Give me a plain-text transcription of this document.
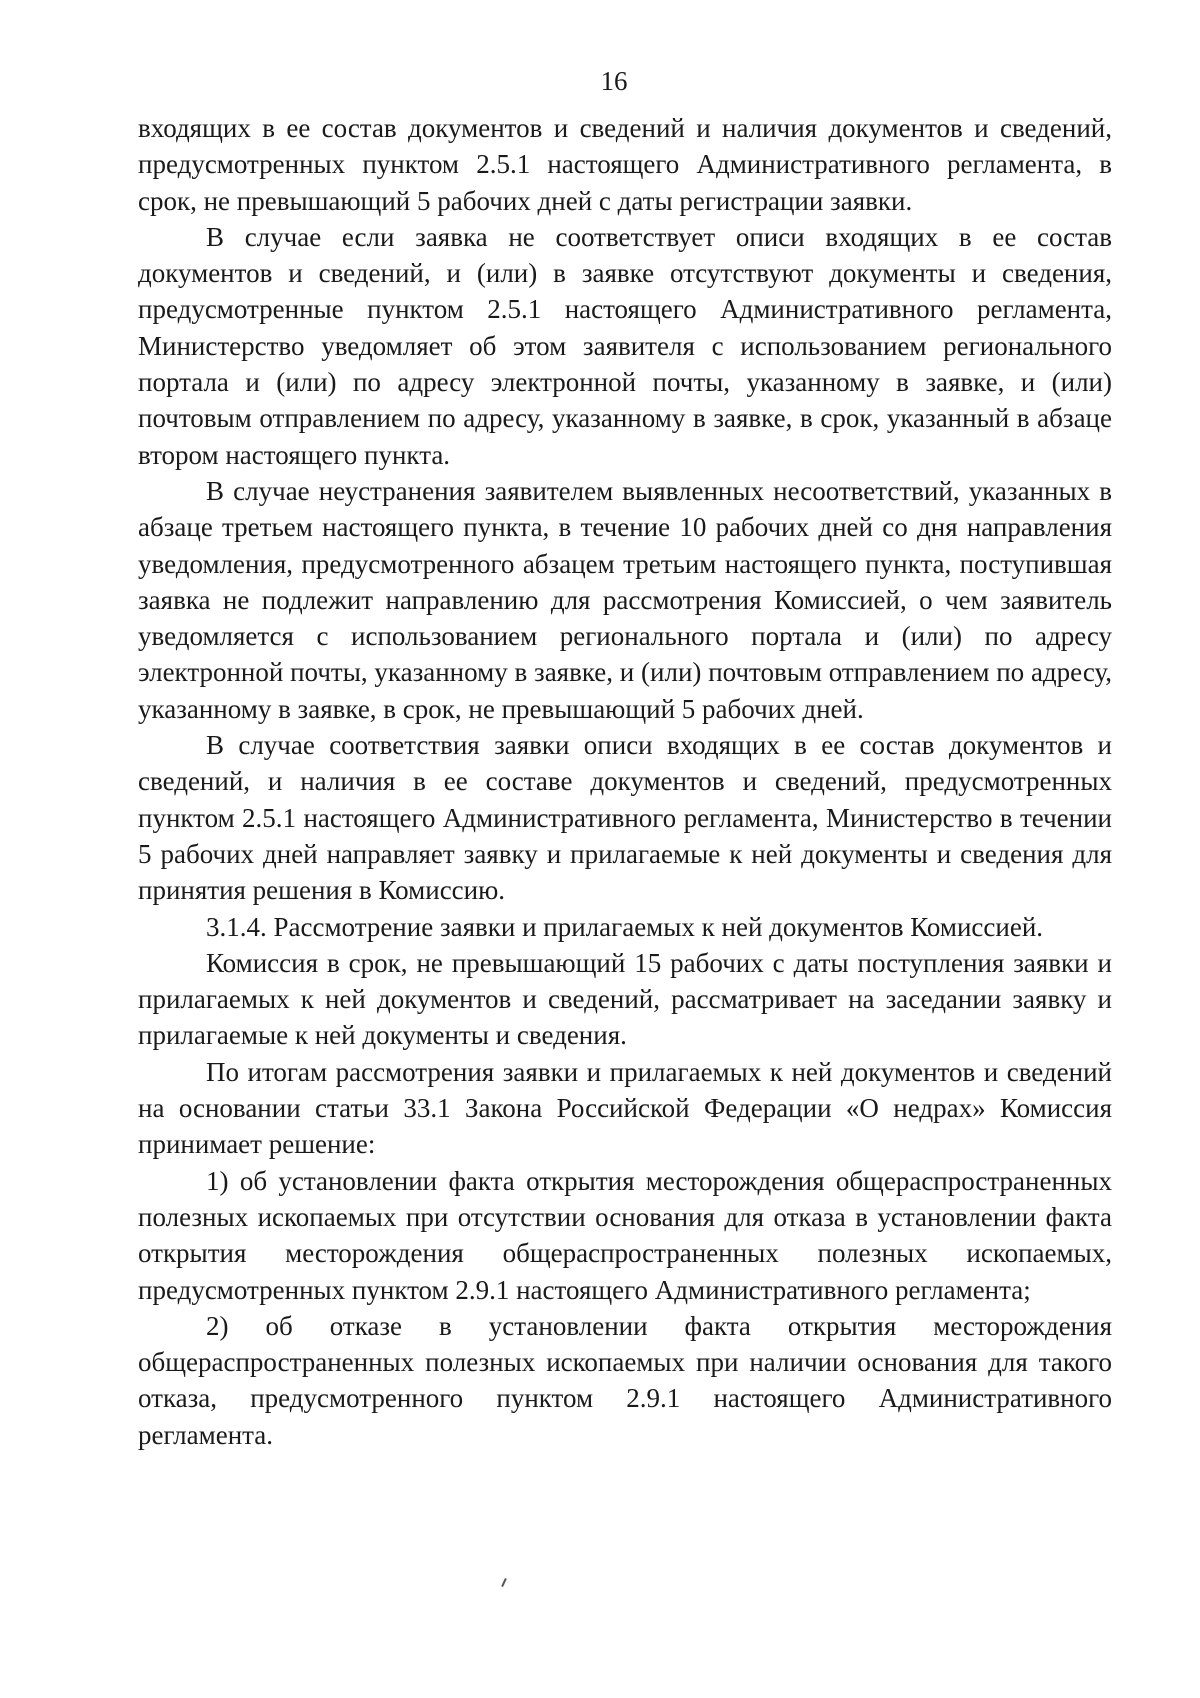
16

входящих в ее состав документов и сведений и наличия документов и сведений, предусмотренных пунктом 2.5.1 настоящего Административного регламента, в срок, не превышающий 5 рабочих дней с даты регистрации заявки.

В случае если заявка не соответствует описи входящих в ее состав документов и сведений, и (или) в заявке отсутствуют документы и сведения, предусмотренные пунктом 2.5.1 настоящего Административного регламента, Министерство уведомляет об этом заявителя с использованием регионального портала и (или) по адресу электронной почты, указанному в заявке, и (или) почтовым отправлением по адресу, указанному в заявке, в срок, указанный в абзаце втором настоящего пункта.

В случае неустранения заявителем выявленных несоответствий, указанных в абзаце третьем настоящего пункта, в течение 10 рабочих дней со дня направления уведомления, предусмотренного абзацем третьим настоящего пункта, поступившая заявка не подлежит направлению для рассмотрения Комиссией, о чем заявитель уведомляется с использованием регионального портала и (или) по адресу электронной почты, указанному в заявке, и (или) почтовым отправлением по адресу, указанному в заявке, в срок, не превышающий 5 рабочих дней.

В случае соответствия заявки описи входящих в ее состав документов и сведений, и наличия в ее составе документов и сведений, предусмотренных пунктом 2.5.1 настоящего Административного регламента, Министерство в течении 5 рабочих дней направляет заявку и прилагаемые к ней документы и сведения для принятия решения в Комиссию.

3.1.4. Рассмотрение заявки и прилагаемых к ней документов Комиссией.

Комиссия в срок, не превышающий 15 рабочих с даты поступления заявки и прилагаемых к ней документов и сведений, рассматривает на заседании заявку и прилагаемые к ней документы и сведения.

По итогам рассмотрения заявки и прилагаемых к ней документов и сведений на основании статьи 33.1 Закона Российской Федерации «О недрах» Комиссия принимает решение:

1) об установлении факта открытия месторождения общераспространенных полезных ископаемых при отсутствии основания для отказа в установлении факта открытия месторождения общераспространенных полезных ископаемых, предусмотренных пунктом 2.9.1 настоящего Административного регламента;

2) об отказе в установлении факта открытия месторождения общераспространенных полезных ископаемых при наличии основания для такого отказа, предусмотренного пунктом 2.9.1 настоящего Административного регламента.
